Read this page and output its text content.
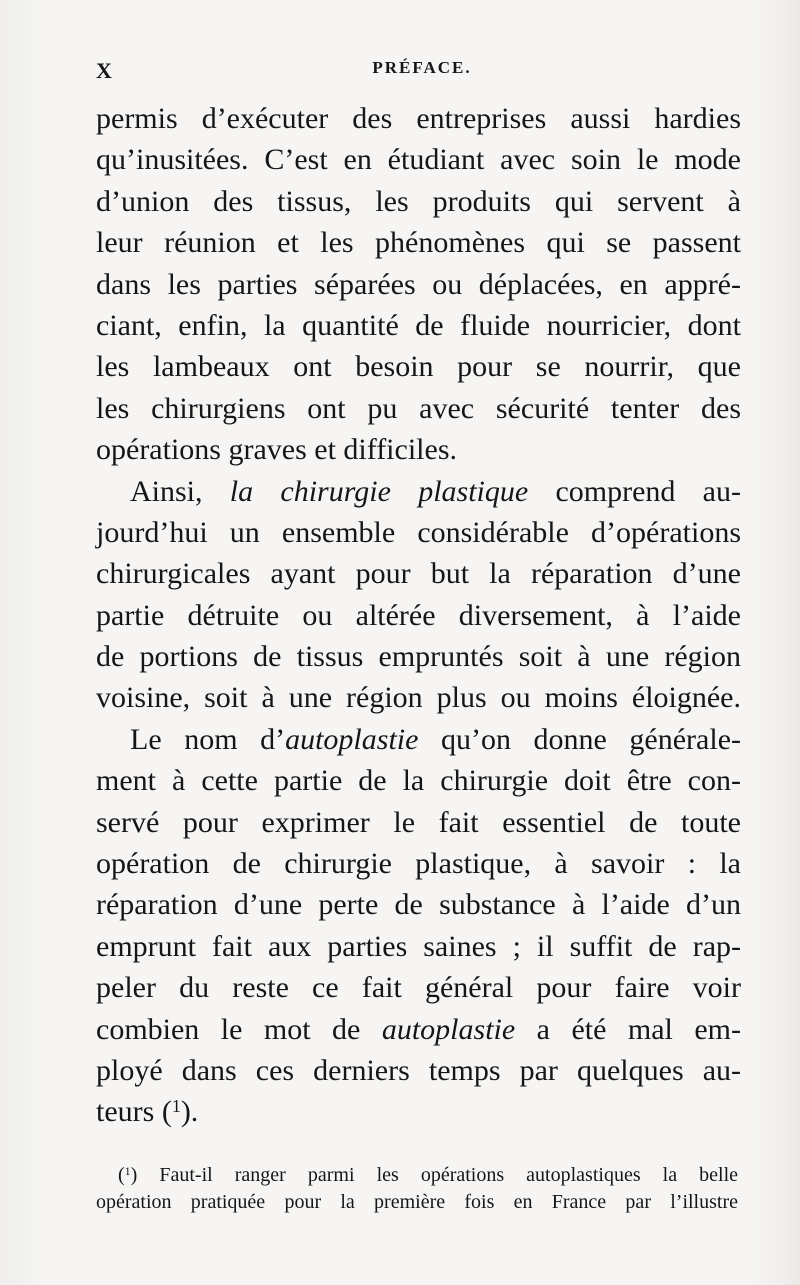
X	PRÉFACE.
permis d’exécuter des entreprises aussi hardies
qu’inusitées. C’est en étudiant avec soin le mode
d’union des tissus, les produits qui servent à
leur réunion et les phénomènes qui se passent
dans les parties séparées ou déplacées, en appré-
ciant, enfin, la quantité de fluide nourricier, dont
les lambeaux ont besoin pour se nourrir, que
les chirurgiens ont pu avec sécurité tenter des
opérations graves et difficiles.
Ainsi, la chirurgie plastique comprend au-
jourd’hui un ensemble considérable d’opérations
chirurgicales ayant pour but la réparation d’une
partie détruite ou altérée diversement, à l’aide
de portions de tissus empruntés soit à une région
voisine, soit à une région plus ou moins éloignée.
Le nom d’autoplastie qu’on donne générale-
ment à cette partie de la chirurgie doit être con-
servé pour exprimer le fait essentiel de toute
opération de chirurgie plastique, à savoir : la
réparation d’une perte de substance à l’aide d’un
emprunt fait aux parties saines ; il suffit de rap-
peler du reste ce fait général pour faire voir
combien le mot de autoplastie a été mal em-
ployé dans ces derniers temps par quelques au-
teurs ($^1$).
($^1$) Faut-il ranger parmi les opérations autoplastiques la belle
opération pratiquée pour la première fois en France par l’illustre
